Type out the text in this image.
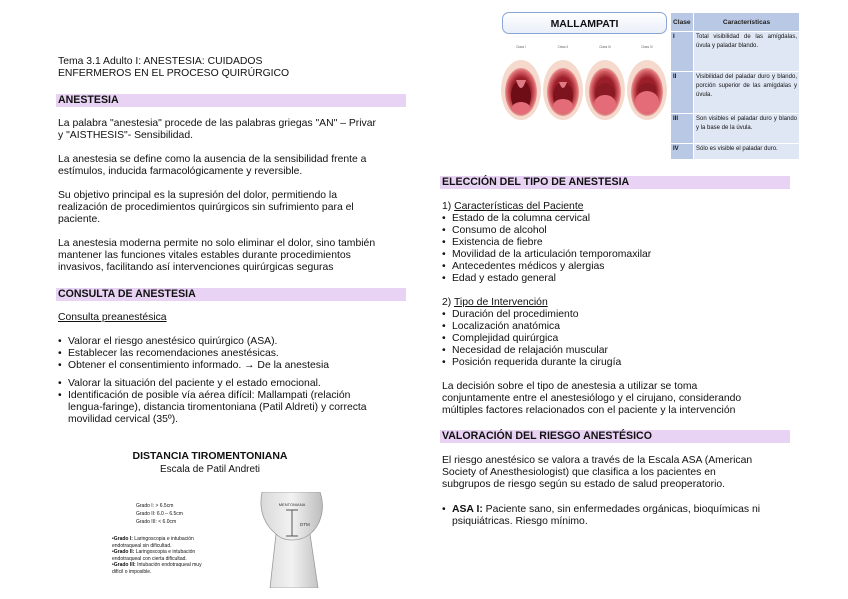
Tema 3.1 Adulto I: ANESTESIA: CUIDADOS
ENFERMEROS EN EL PROCESO QUIRÚRGICO
ANESTESIA
La palabra "anestesia" procede de las palabras griegas "AN" – Privar
y "AISTHESIS"- Sensibilidad.
La anestesia se define como la ausencia de la sensibilidad frente a
estímulos, inducida farmacológicamente y reversible.
Su objetivo principal es la supresión del dolor, permitiendo la
realización de procedimientos quirúrgicos sin sufrimiento para el
paciente.
La anestesia moderna permite no solo eliminar el dolor, sino también
mantener las funciones vitales estables durante procedimientos
invasivos, facilitando así intervenciones quirúrgicas seguras
CONSULTA DE ANESTESIA
Consulta preanestésica
• Valorar el riesgo anestésico quirúrgico (ASA).
• Establecer las recomendaciones anestésicas.
• Obtener el consentimiento informado. → De la anestesia
• Valorar la situación del paciente y el estado emocional.
• Identificación de posible vía aérea difícil: Mallampati (relación
lengua-faringe), distancia tiromentoniana (Patil Aldreti) y correcta
movilidad cervical (35º).
DISTANCIA TIROMENTONIANA
Escala de Patil Andreti
Grado I: > 6.5cm
Grado II: 6.0 – 6.5cm
Grado III: < 6.0cm
•Grado I: Laringoscopia e intubación
endotraqueal sin dificultad.
•Grado II: Laringoscopia e intubación
endotraqueal con cierta dificultad.
•Grado III: Intubación endotraqueal muy
difícil o imposible.
MENTONIANA
DTM
MALLAMPATI
Class I	Class II	Class III	Class IV
Clase	Características
I	Total visibilidad de las amígdalas, úvula y paladar blando.
II	Visibilidad del paladar duro y blando, porción superior de las amígdalas y úvula.
III	Son visibles el paladar duro y blando y la base de la úvula.
IV	Sólo es visible el paladar duro.
ELECCIÓN DEL TIPO DE ANESTESIA
1) Características del Paciente
• Estado de la columna cervical
• Consumo de alcohol
• Existencia de fiebre
• Movilidad de la articulación temporomaxilar
• Antecedentes médicos y alergias
• Edad y estado general
2) Tipo de Intervención
• Duración del procedimiento
• Localización anatómica
• Complejidad quirúrgica
• Necesidad de relajación muscular
• Posición requerida durante la cirugía
La decisión sobre el tipo de anestesia a utilizar se toma
conjuntamente entre el anestesiólogo y el cirujano, considerando
múltiples factores relacionados con el paciente y la intervención
VALORACIÓN DEL RIESGO ANESTÉSICO
El riesgo anestésico se valora a través de la Escala ASA (American
Society of Anesthesiologist) que clasifica a los pacientes en
subgrupos de riesgo según su estado de salud preoperatorio.
• ASA I: Paciente sano, sin enfermedades orgánicas, bioquímicas ni
psiquiátricas. Riesgo mínimo.
